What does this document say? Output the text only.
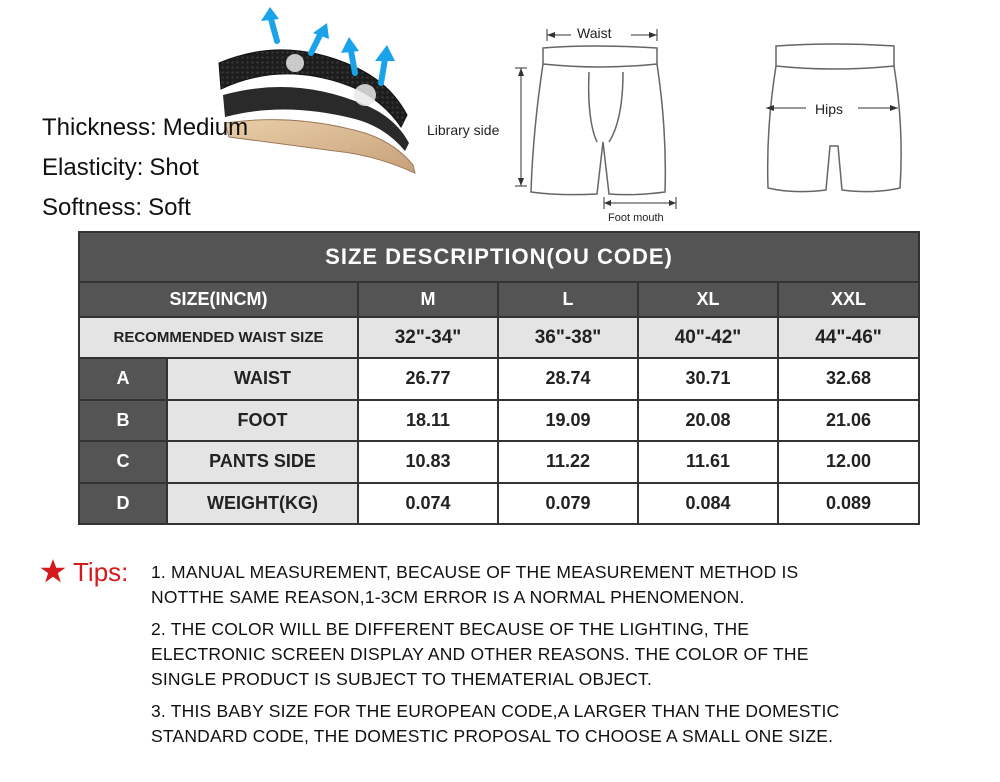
Thickness: Medium
Elasticity: Shot
Softness: Soft
Waist
Library side
Foot mouth
Hips
SIZE DESCRIPTION(OU CODE)					
SIZE(INCM)		M	L	XL	XXL
RECOMMENDED WAIST SIZE		32"-34"	36"-38"	40"-42"	44"-46"
A	WAIST	26.77	28.74	30.71	32.68
B	FOOT	18.11	19.09	20.08	21.06
C	PANTS SIDE	10.83	11.22	11.61	12.00
D	WEIGHT(KG)	0.074	0.079	0.084	0.089
Tips: 1. MANUAL MEASUREMENT, BECAUSE OF THE MEASUREMENT METHOD IS
NOTTHE SAME REASON,1-3CM ERROR IS A NORMAL PHENOMENON.
2. THE COLOR WILL BE DIFFERENT BECAUSE OF THE LIGHTING, THE
ELECTRONIC SCREEN DISPLAY AND OTHER REASONS. THE COLOR OF THE
SINGLE PRODUCT IS SUBJECT TO THEMATERIAL OBJECT.
3. THIS BABY SIZE FOR THE EUROPEAN CODE,A LARGER THAN THE DOMESTIC
STANDARD CODE, THE DOMESTIC PROPOSAL TO CHOOSE A SMALL ONE SIZE.
